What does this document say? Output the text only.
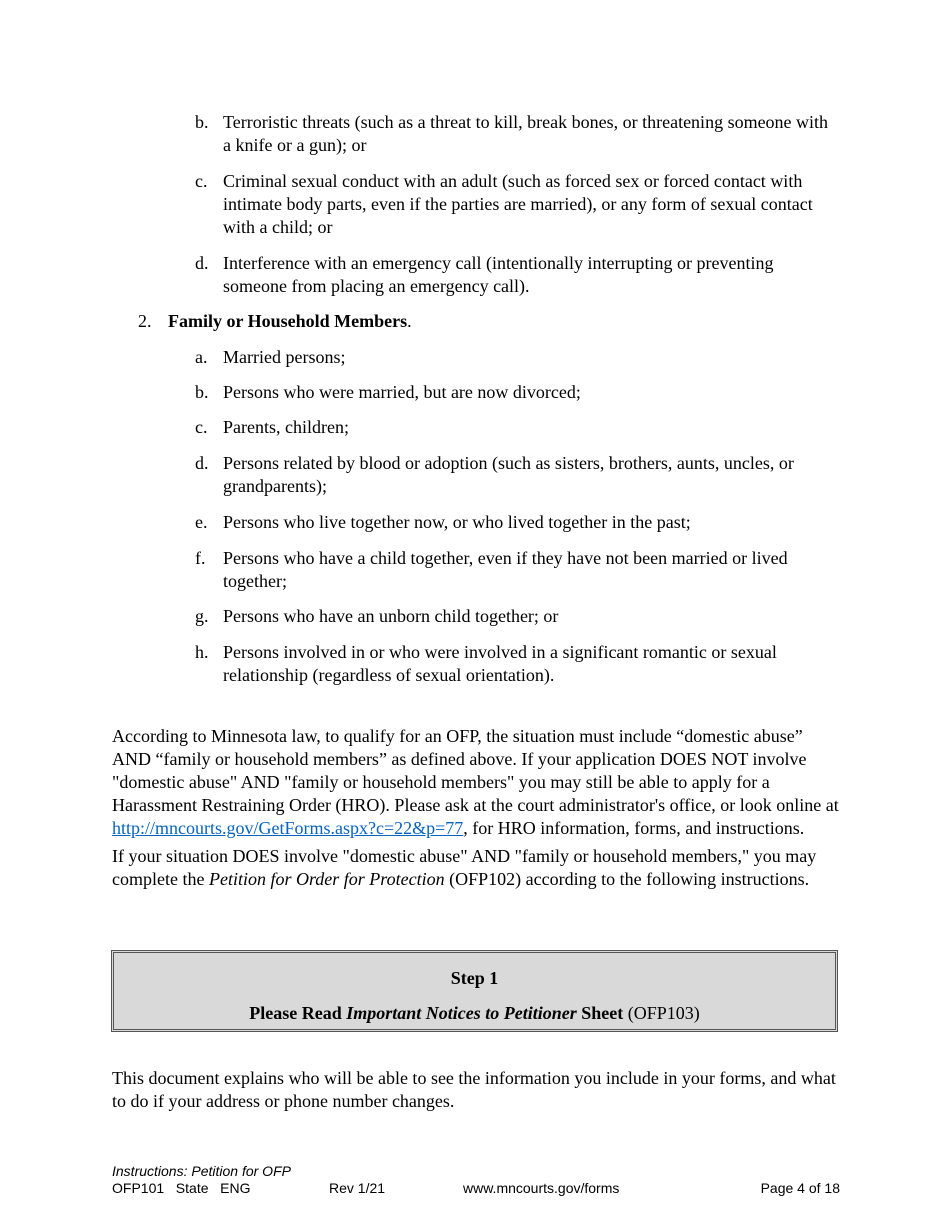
b. Terroristic threats (such as a threat to kill, break bones, or threatening someone with a knife or a gun); or
c. Criminal sexual conduct with an adult (such as forced sex or forced contact with intimate body parts, even if the parties are married), or any form of sexual contact with a child; or
d. Interference with an emergency call (intentionally interrupting or preventing someone from placing an emergency call).
2. Family or Household Members.
a. Married persons;
b. Persons who were married, but are now divorced;
c. Parents, children;
d. Persons related by blood or adoption (such as sisters, brothers, aunts, uncles, or grandparents);
e. Persons who live together now, or who lived together in the past;
f. Persons who have a child together, even if they have not been married or lived together;
g. Persons who have an unborn child together; or
h. Persons involved in or who were involved in a significant romantic or sexual relationship (regardless of sexual orientation).

According to Minnesota law, to qualify for an OFP, the situation must include “domestic abuse” AND “family or household members” as defined above. If your application DOES NOT involve "domestic abuse" AND "family or household members" you may still be able to apply for a Harassment Restraining Order (HRO). Please ask at the court administrator's office, or look online at http://mncourts.gov/GetForms.aspx?c=22&p=77, for HRO information, forms, and instructions.

If your situation DOES involve "domestic abuse" AND "family or household members," you may complete the Petition for Order for Protection (OFP102) according to the following instructions.

Step 1
Please Read Important Notices to Petitioner Sheet (OFP103)

This document explains who will be able to see the information you include in your forms, and what to do if your address or phone number changes.

Instructions: Petition for OFP
OFP101   State   ENG	Rev 1/21	www.mncourts.gov/forms	Page 4 of 18
